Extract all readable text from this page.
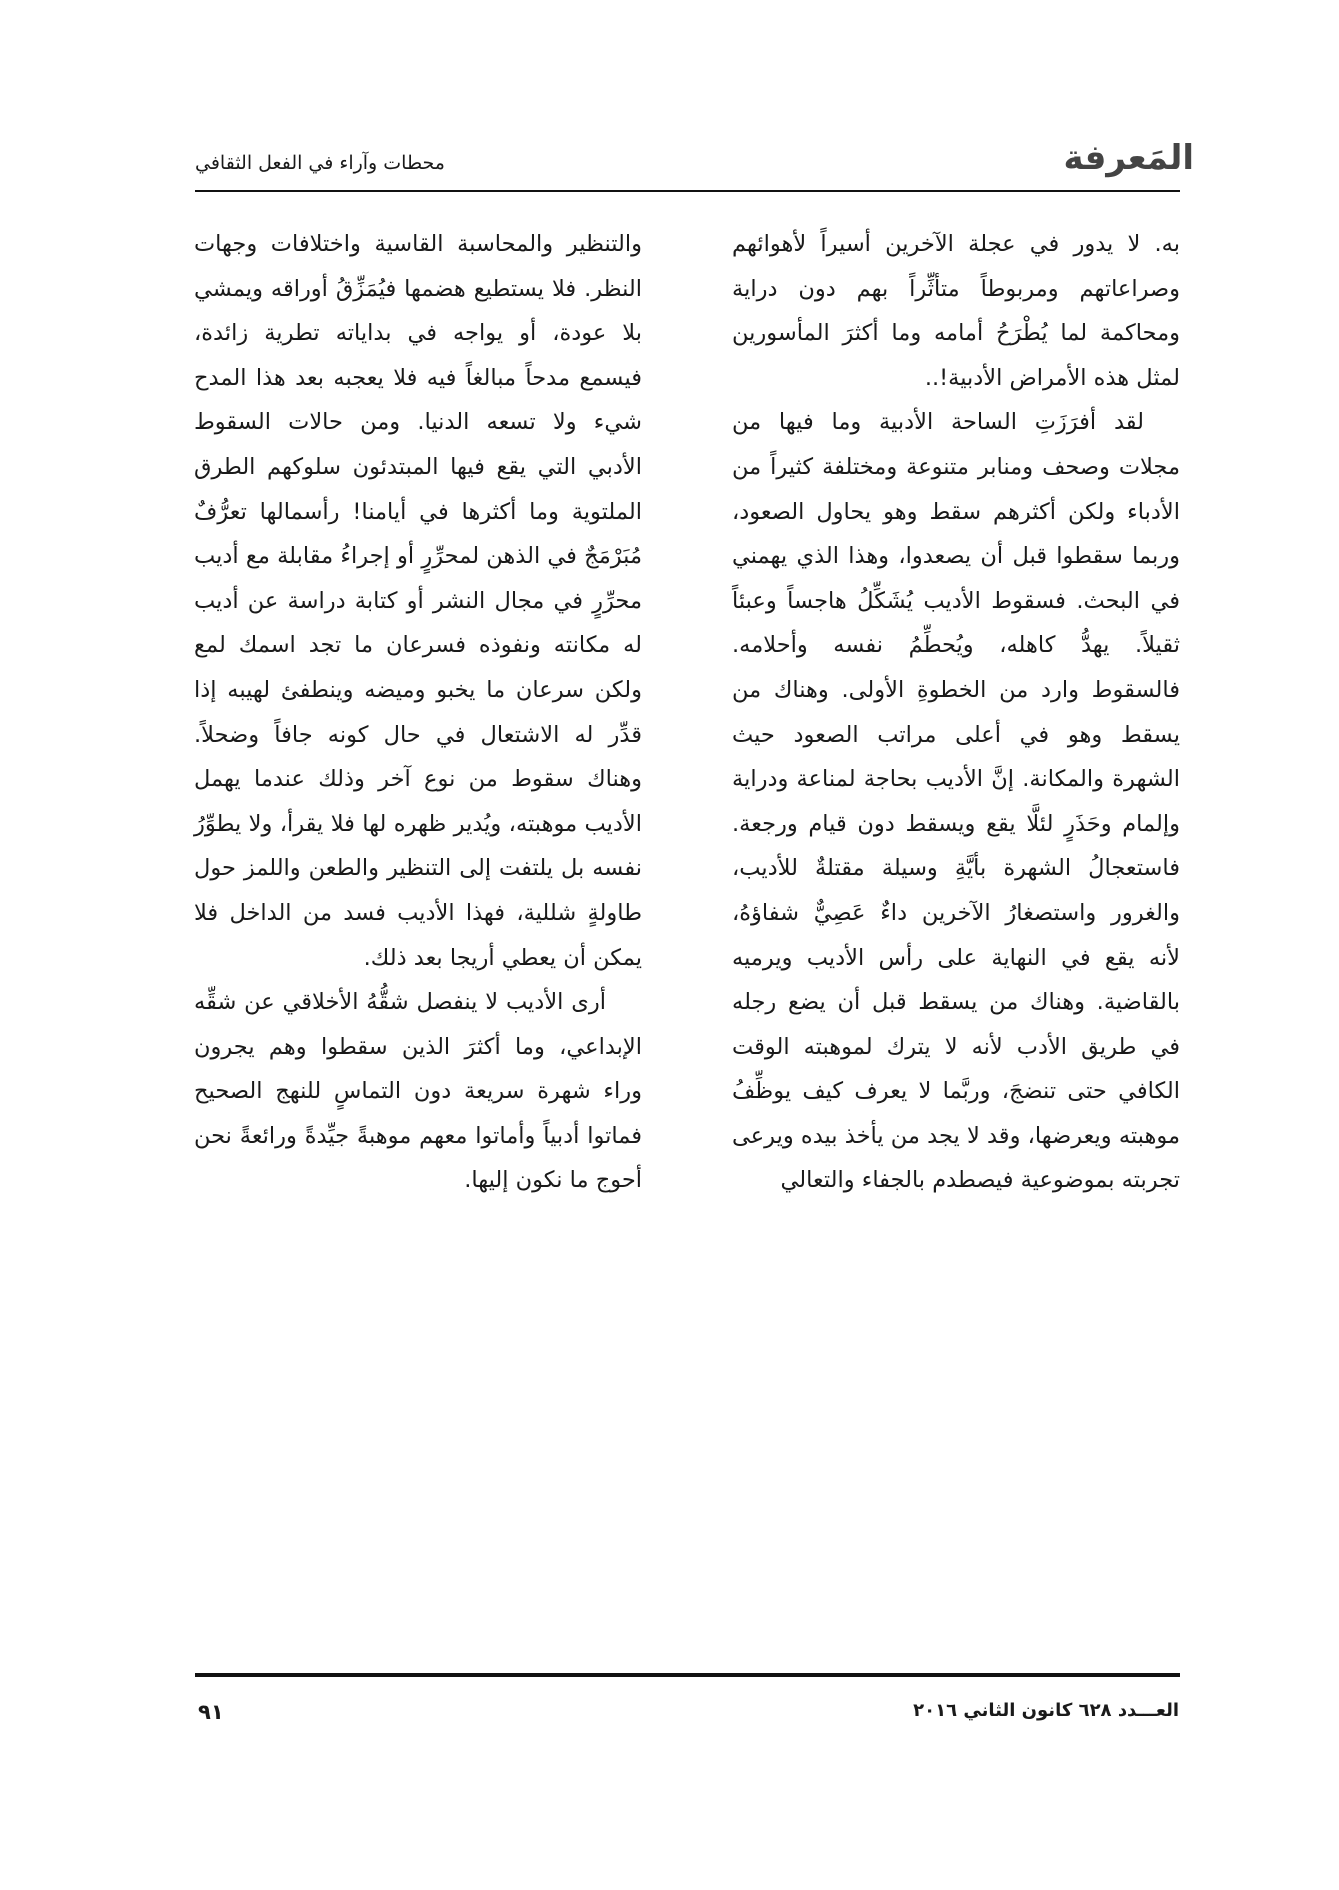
المَعرفة
محطات وآراء في الفعل الثقافي

به. لا يدور في عجلة الآخرين أسيراً لأهوائهم وصراعاتهم ومربوطاً متأثِّراً بهم دون دراية ومحاكمة لما يُطْرَحُ أمامه وما أكثرَ المأسورين لمثل هذه الأمراض الأدبية!..

لقد أفرَزَتِ الساحة الأدبية وما فيها من مجلات وصحف ومنابر متنوعة ومختلفة كثيراً من الأدباء ولكن أكثرهم سقط وهو يحاول الصعود، وربما سقطوا قبل أن يصعدوا، وهذا الذي يهمني في البحث. فسقوط الأديب يُشَكِّلُ هاجساً وعبئاً ثقيلاً. يهدُّ كاهله، ويُحطِّمُ نفسه وأحلامه. فالسقوط وارد من الخطوةِ الأولى. وهناك من يسقط وهو في أعلى مراتب الصعود حيث الشهرة والمكانة. إنَّ الأديب بحاجة لمناعة ودراية وإلمام وحَذَرٍ لئلَّا يقع ويسقط دون قيام ورجعة. فاستعجالُ الشهرة بأيَّةِ وسيلة مقتلةٌ للأديب، والغرور واستصغارُ الآخرين داءٌ عَصِيٌّ شفاؤهُ، لأنه يقع في النهاية على رأس الأديب ويرميه بالقاضية. وهناك من يسقط قبل أن يضع رجله في طريق الأدب لأنه لا يترك لموهبته الوقت الكافي حتى تنضجَ، وربَّما لا يعرف كيف يوظِّفُ موهبته ويعرضها، وقد لا يجد من يأخذ بيده ويرعى تجربته بموضوعية فيصطدم بالجفاء والتعالي

والتنظير والمحاسبة القاسية واختلافات وجهات النظر. فلا يستطيع هضمها فيُمَزِّقُ أوراقه ويمشي بلا عودة، أو يواجه في بداياته تطرية زائدة، فيسمع مدحاً مبالغاً فيه فلا يعجبه بعد هذا المدح شيء ولا تسعه الدنيا. ومن حالات السقوط الأدبي التي يقع فيها المبتدئون سلوكهم الطرق الملتوية وما أكثرها في أيامنا! رأسمالها تعرُّفٌ مُبَرْمَجٌ في الذهن لمحرِّرٍ أو إجراءُ مقابلة مع أديب محرِّرٍ في مجال النشر أو كتابة دراسة عن أديب له مكانته ونفوذه فسرعان ما تجد اسمك لمع ولكن سرعان ما يخبو وميضه وينطفئ لهيبه إذا قدِّر له الاشتعال في حال كونه جافاً وضحلاً. وهناك سقوط من نوع آخر وذلك عندما يهمل الأديب موهبته، ويُدير ظهره لها فلا يقرأ، ولا يطوِّرُ نفسه بل يلتفت إلى التنظير والطعن واللمز حول طاولةٍ شللية، فهذا الأديب فسد من الداخل فلا يمكن أن يعطي أريجا بعد ذلك.

أرى الأديب لا ينفصل شقُّهُ الأخلاقي عن شقِّه الإبداعي، وما أكثرَ الذين سقطوا وهم يجرون وراء شهرة سريعة دون التماسٍ للنهج الصحيح فماتوا أدبياً وأماتوا معهم موهبةً جيِّدةً ورائعةً نحن أحوج ما نكون إليها.

٩١	العـــدد ٦٢٨ كانون الثاني ٢٠١٦
